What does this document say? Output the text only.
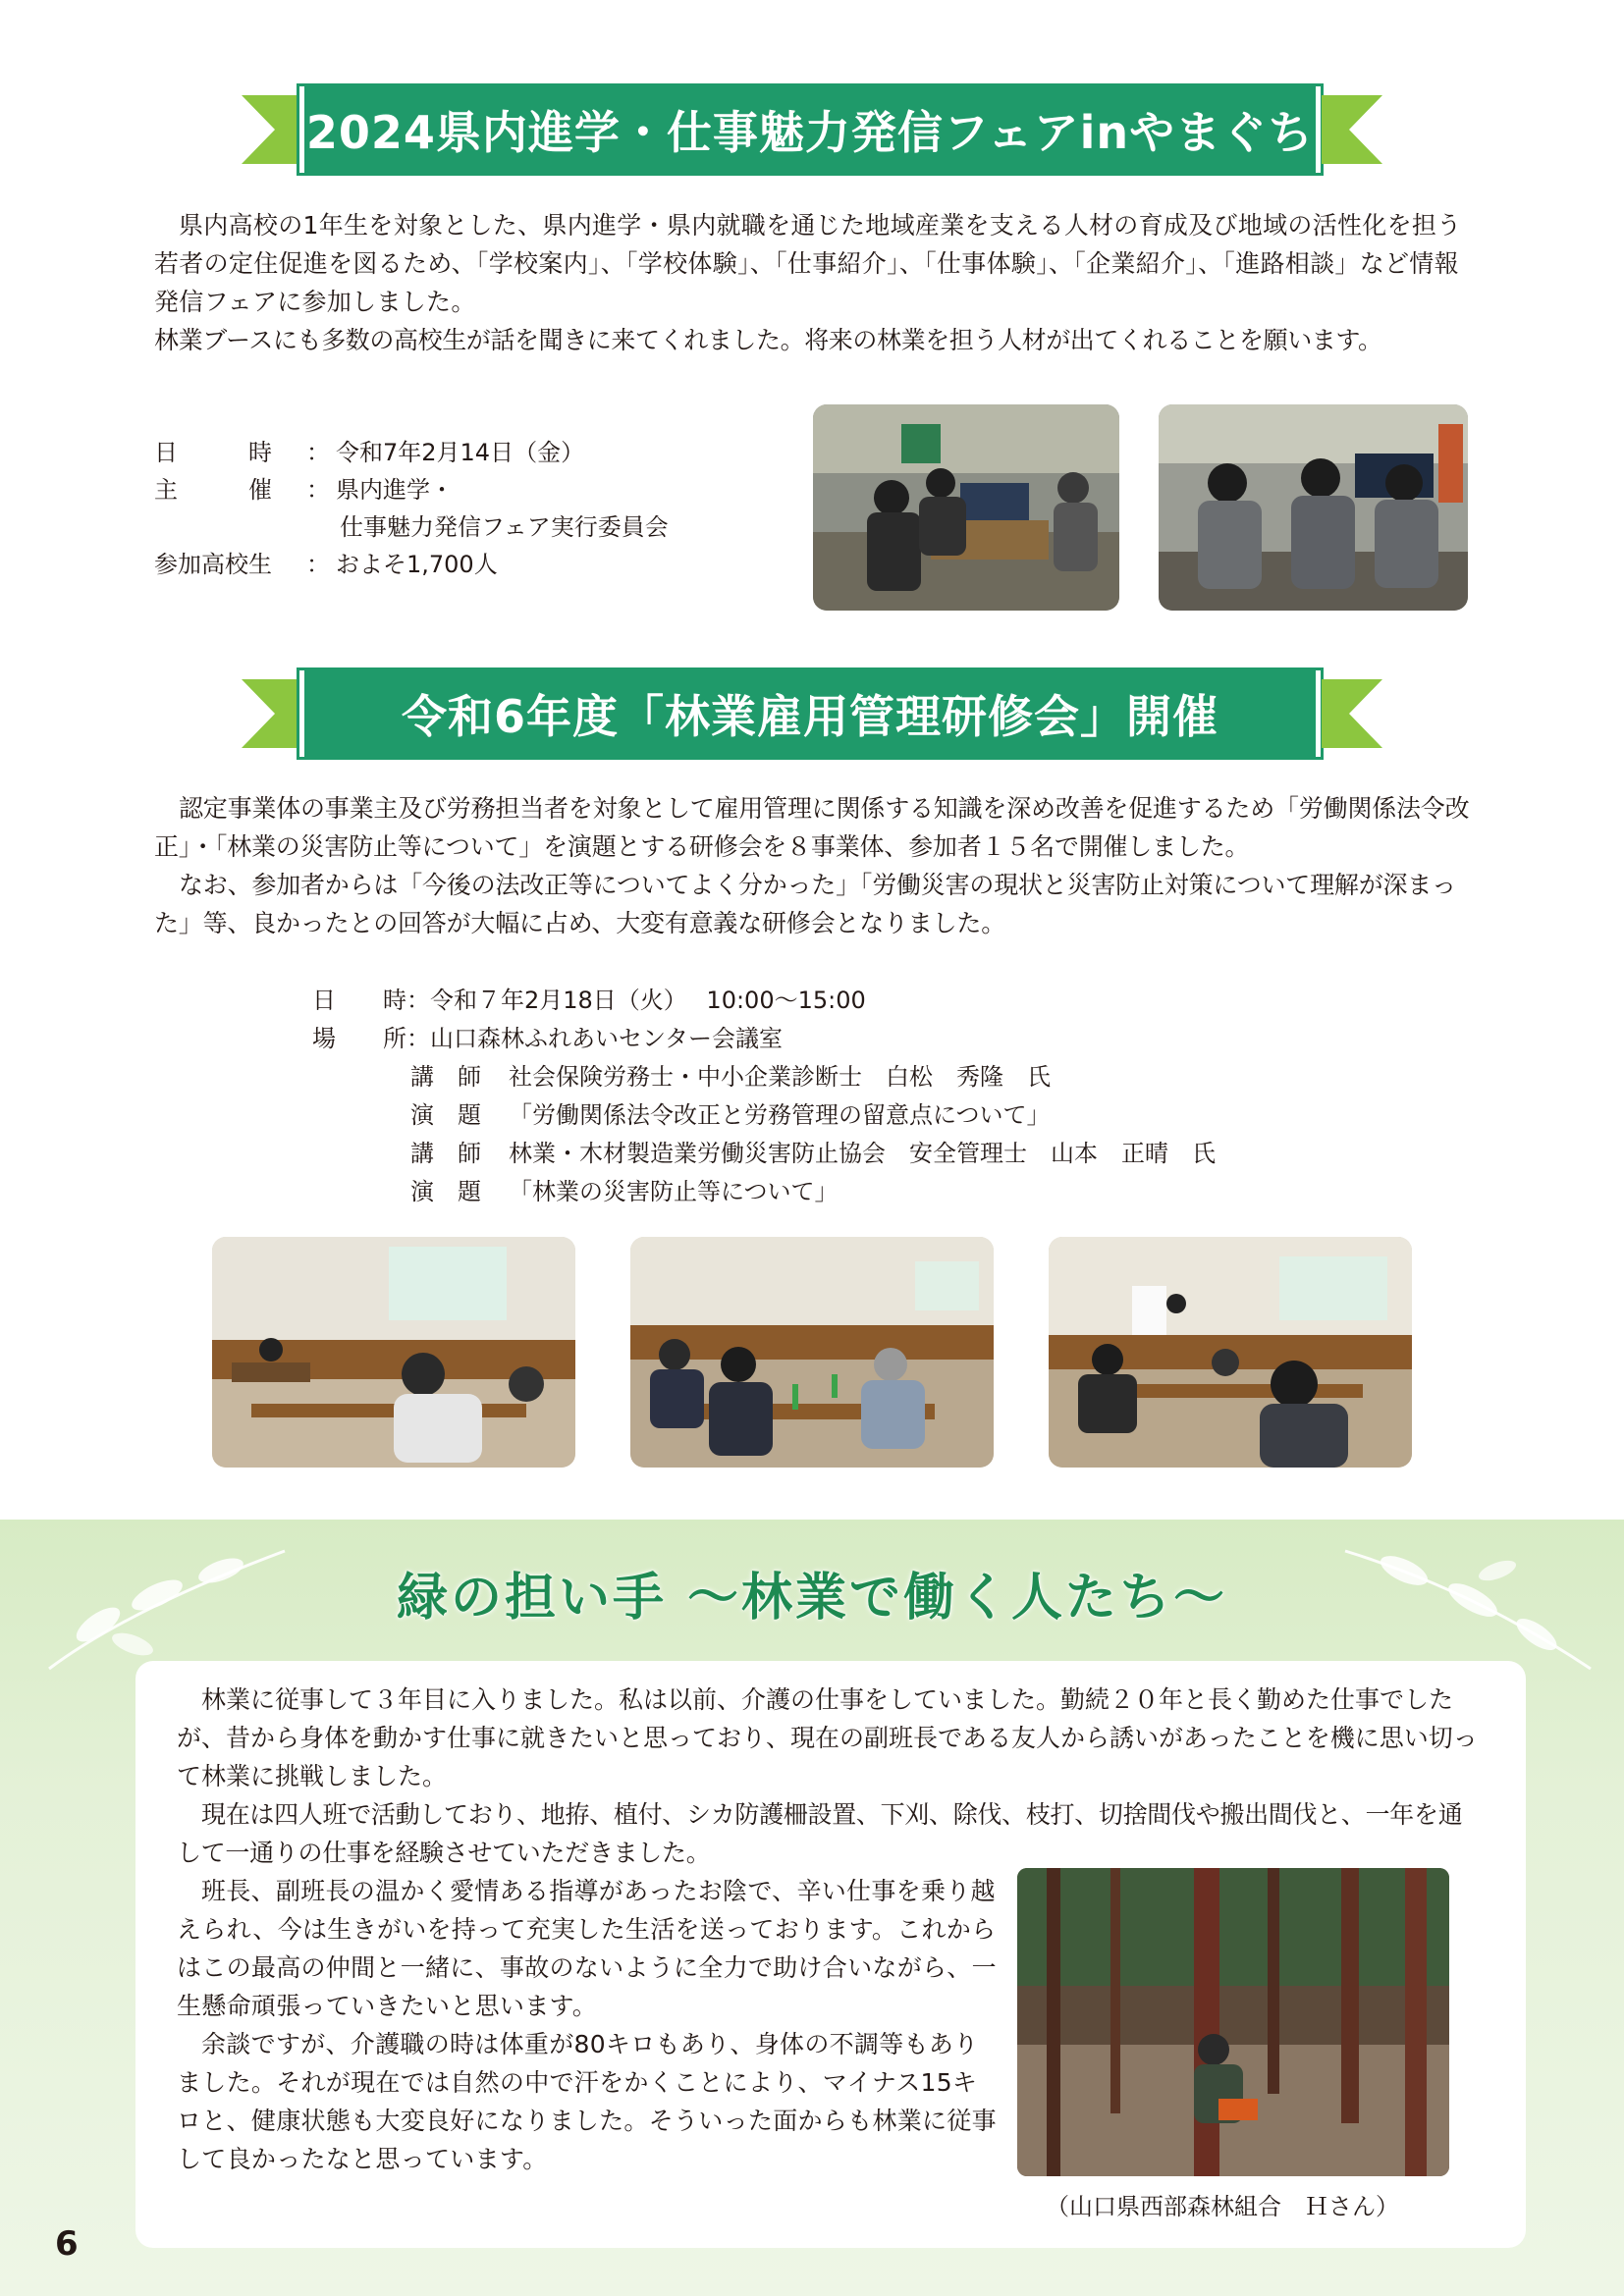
2024県内進学・仕事魅力発信フェアinやまぐち

県内高校の1年生を対象とした、県内進学・県内就職を通じた地域産業を支える人材の育成及び地域の活性化を担う若者の定住促進を図るため、「学校案内」、「学校体験」、「仕事紹介」、「仕事体験」、「企業紹介」、「進路相談」など情報発信フェアに参加しました。

林業ブースにも多数の高校生が話を聞きに来てくれました。将来の林業を担う人材が出てくれることを願います。

日　　　時	： 令和7年2月14日（金）
主　　　催	： 県内進学・
仕事魅力発信フェア実行委員会
参加高校生	： およそ1,700人
令和6年度「林業雇用管理研修会」開催

認定事業体の事業主及び労務担当者を対象として雇用管理に関係する知識を深め改善を促進するため「労働関係法令改正」・「林業の災害防止等について」を演題とする研修会を８事業体、参加者１５名で開催しました。

なお、参加者からは「今後の法改正等についてよく分かった」「労働災害の現状と災害防止対策について理解が深まった」等、良かったとの回答が大幅に占め、大変有意義な研修会となりました。

日　　時 ： 令和７年2月18日（火）　 10:00～15:00
場　　所 ： 山口森林ふれあいセンター会議室
講　師	社会保険労務士・中小企業診断士　白松　秀隆　氏
演　題	「労働関係法令改正と労務管理の留意点について」
講　師	林業・木材製造業労働災害防止協会　安全管理士　山本　正晴　氏
演　題	「林業の災害防止等について」
緑の担い手 ～林業で働く人たち～

林業に従事して３年目に入りました。私は以前、介護の仕事をしていました。勤続２０年と長く勤めた仕事でしたが、昔から身体を動かす仕事に就きたいと思っており、現在の副班長である友人から誘いがあったことを機に思い切って林業に挑戦しました。

現在は四人班で活動しており、地拵、植付、シカ防護柵設置、下刈、除伐、枝打、切捨間伐や搬出間伐と、一年を通して一通りの仕事を経験させていただきました。

班長、副班長の温かく愛情ある指導があったお陰で、辛い仕事を乗り越えられ、今は生きがいを持って充実した生活を送っております。これからはこの最高の仲間と一緒に、事故のないように全力で助け合いながら、一生懸命頑張っていきたいと思います。

余談ですが、介護職の時は体重が80キロもあり、身体の不調等もありました。それが現在では自然の中で汗をかくことにより、マイナス15キロと、健康状態も大変良好になりました。そういった面からも林業に従事して良かったなと思っています。

（山口県西部森林組合　Ｈさん）
6
